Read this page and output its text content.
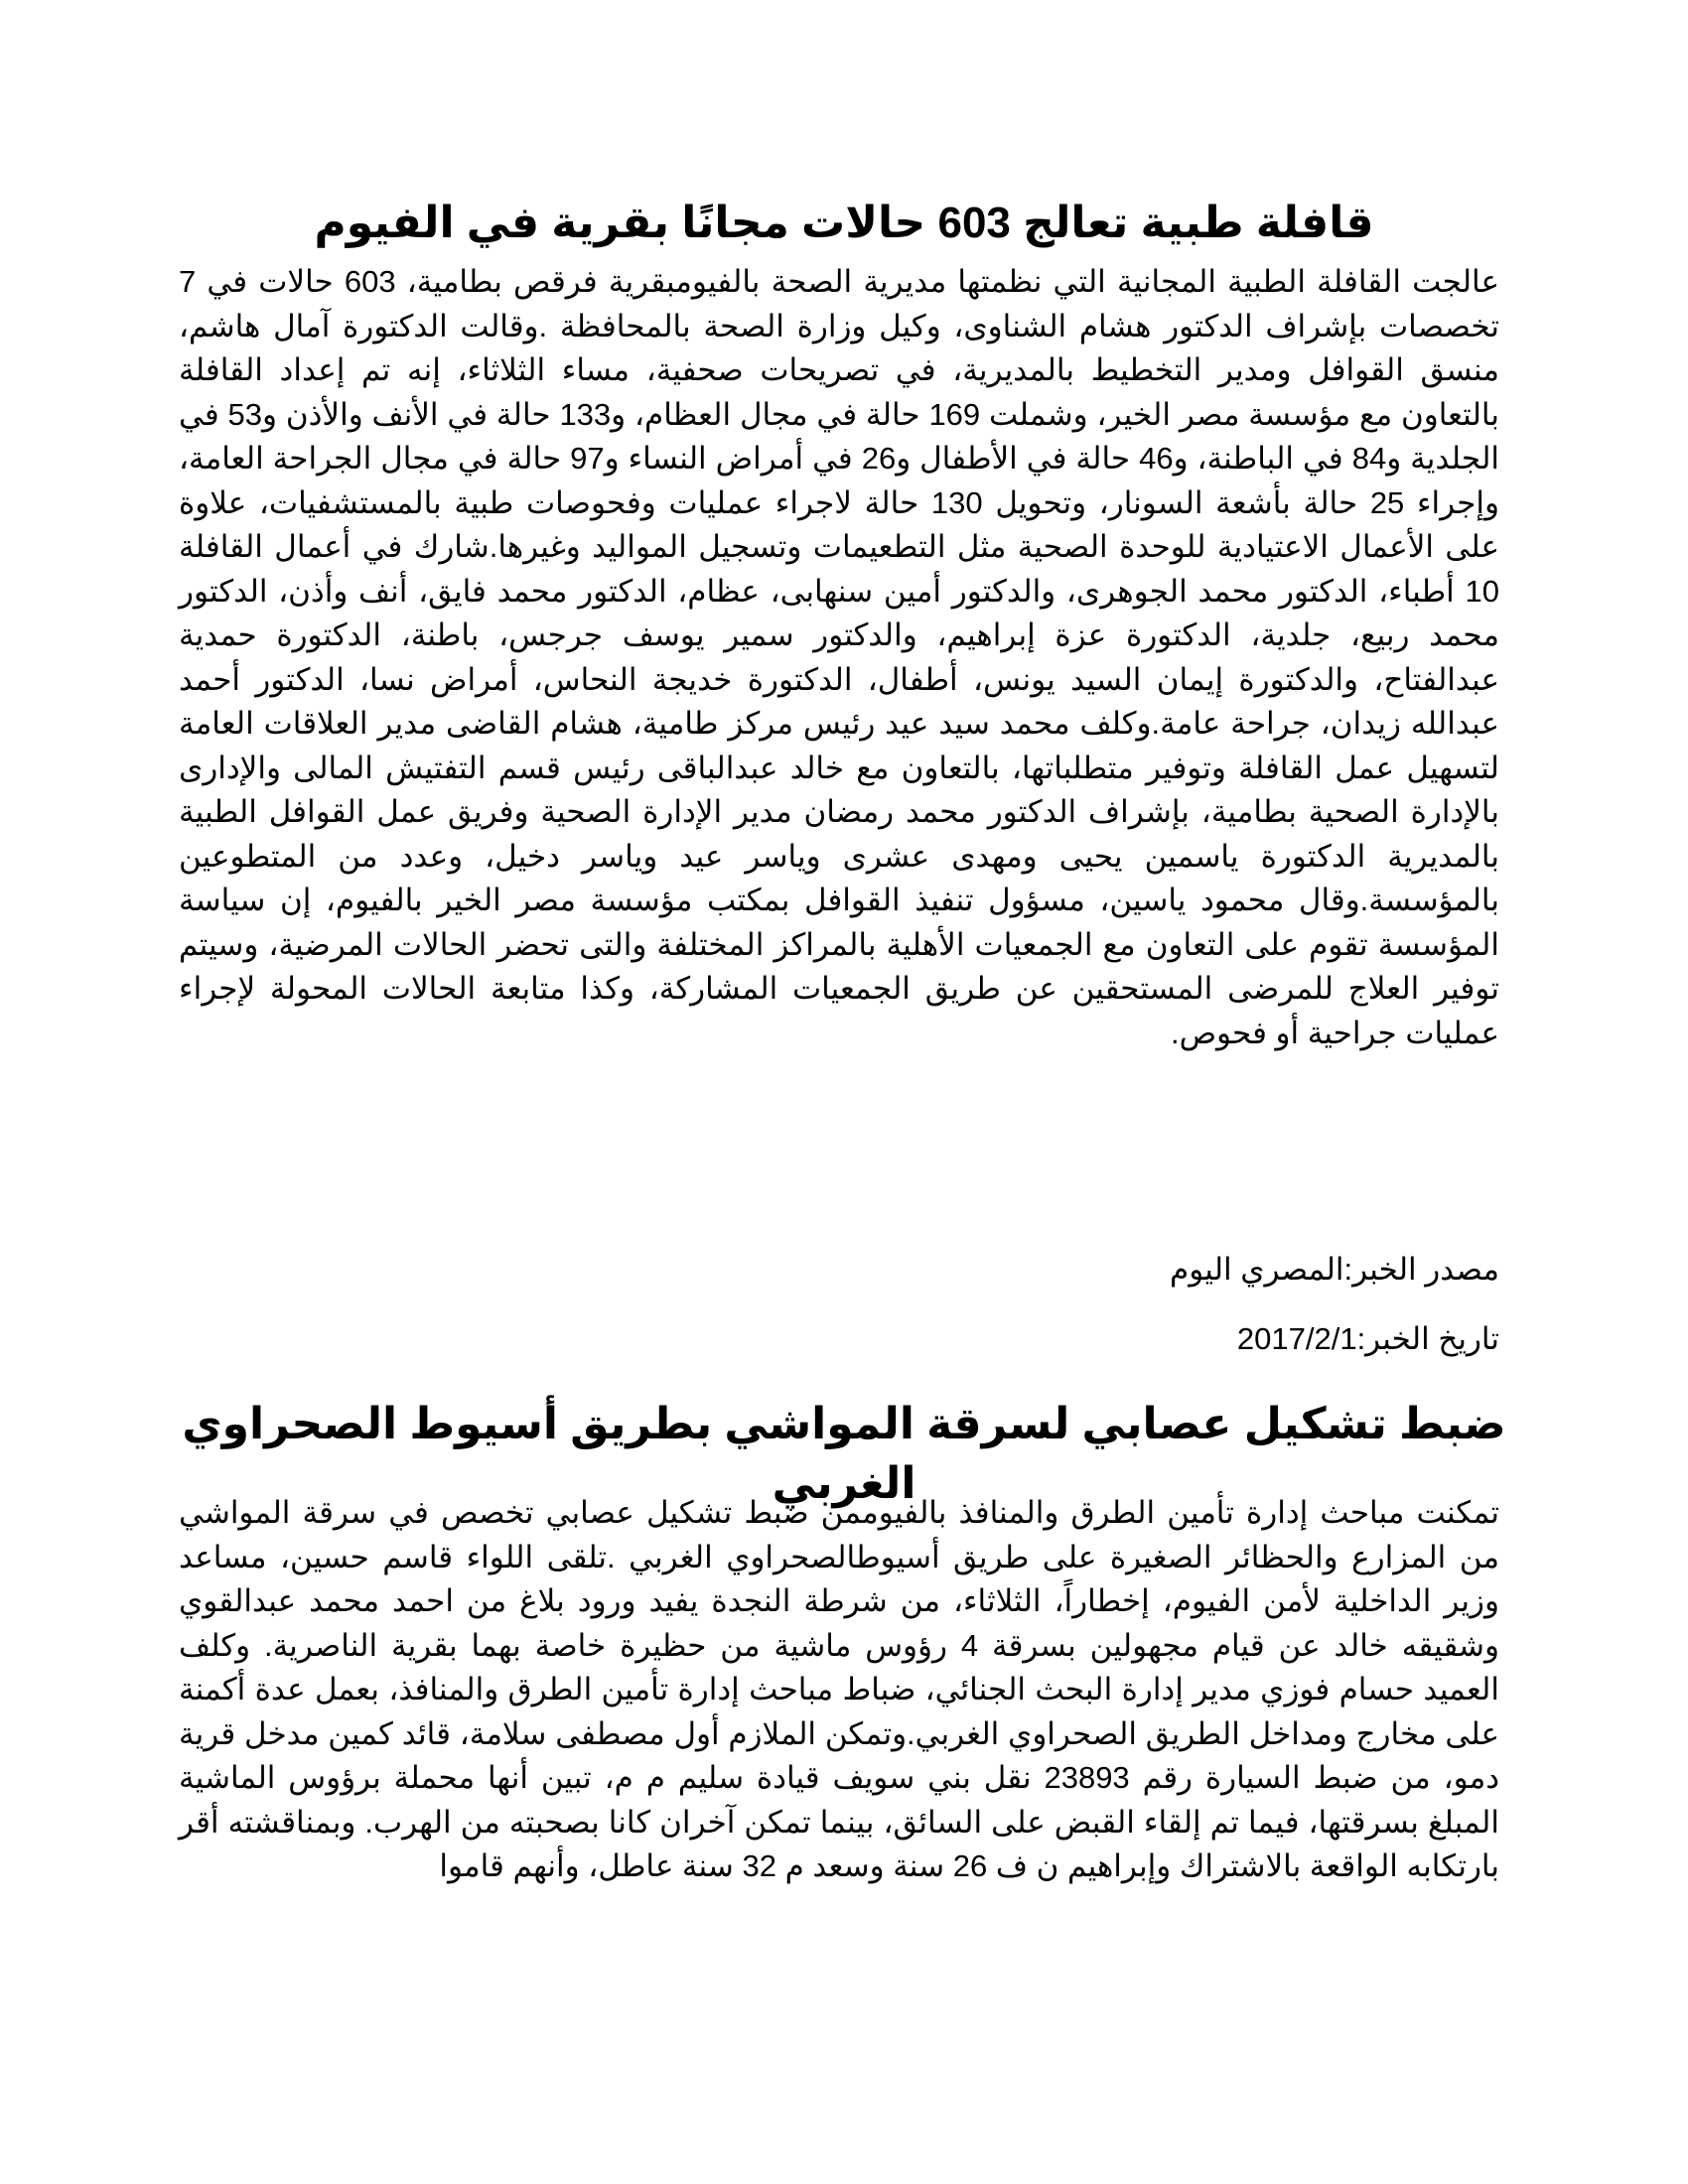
قافلة طبية تعالج 603 حالات مجانًا بقرية في الفيوم

عالجت القافلة الطبية المجانية التي نظمتها مديرية الصحة بالفيومبقرية فرقص بطامية، 603 حالات في 7 تخصصات بإشراف الدكتور هشام الشناوى، وكيل وزارة الصحة بالمحافظة .وقالت الدكتورة آمال هاشم، منسق القوافل ومدير التخطيط بالمديرية، في تصريحات صحفية، مساء الثلاثاء، إنه تم إعداد القافلة بالتعاون مع مؤسسة مصر الخير، وشملت 169 حالة في مجال العظام، و133 حالة في الأنف والأذن و53 في الجلدية و84 في الباطنة، و46 حالة في الأطفال و26 في أمراض النساء و97 حالة في مجال الجراحة العامة، وإجراء 25 حالة بأشعة السونار، وتحويل 130 حالة لاجراء عمليات وفحوصات طبية بالمستشفيات، علاوة على الأعمال الاعتيادية للوحدة الصحية مثل التطعيمات وتسجيل المواليد وغيرها.شارك في أعمال القافلة 10 أطباء، الدكتور محمد الجوهرى، والدكتور أمين سنهابى، عظام، الدكتور محمد فايق، أنف وأذن، الدكتور محمد ربيع، جلدية، الدكتورة عزة إبراهيم، والدكتور سمير يوسف جرجس، باطنة، الدكتورة حمدية عبدالفتاح، والدكتورة إيمان السيد يونس، أطفال، الدكتورة خديجة النحاس، أمراض نسا، الدكتور أحمد عبدالله زيدان، جراحة عامة.وكلف محمد سيد عيد رئيس مركز طامية، هشام القاضى مدير العلاقات العامة لتسهيل عمل القافلة وتوفير متطلباتها، بالتعاون مع خالد عبدالباقى رئيس قسم التفتيش المالى والإدارى بالإدارة الصحية بطامية، بإشراف الدكتور محمد رمضان مدير الإدارة الصحية وفريق عمل القوافل الطبية بالمديرية الدكتورة ياسمين يحيى ومهدى عشرى وياسر عيد وياسر دخيل، وعدد من المتطوعين بالمؤسسة.وقال محمود ياسين، مسؤول تنفيذ القوافل بمكتب مؤسسة مصر الخير بالفيوم، إن سياسة المؤسسة تقوم على التعاون مع الجمعيات الأهلية بالمراكز المختلفة والتى تحضر الحالات المرضية، وسيتم توفير العلاج للمرضى المستحقين عن طريق الجمعيات المشاركة، وكذا متابعة الحالات المحولة لإجراء عمليات جراحية أو فحوص.

مصدر الخبر:المصري اليوم

تاريخ الخبر:2017/2/1

ضبط تشكيل عصابي لسرقة المواشي بطريق أسيوط الصحراوي الغربي

تمكنت مباحث إدارة تأمين الطرق والمنافذ بالفيوممن ضبط تشكيل عصابي تخصص في سرقة المواشي من المزارع والحظائر الصغيرة على طريق أسيوطالصحراوي الغربي .تلقى اللواء قاسم حسين، مساعد وزير الداخلية لأمن الفيوم، إخطاراً، الثلاثاء، من شرطة النجدة يفيد ورود بلاغ من احمد محمد عبدالقوي وشقيقه خالد عن قيام مجهولين بسرقة 4 رؤوس ماشية من حظيرة خاصة بهما بقرية الناصرية. وكلف العميد حسام فوزي مدير إدارة البحث الجنائي، ضباط مباحث إدارة تأمين الطرق والمنافذ، بعمل عدة أكمنة على مخارج ومداخل الطريق الصحراوي الغربي.وتمكن الملازم أول مصطفى سلامة، قائد كمين مدخل قرية دمو، من ضبط السيارة رقم 23893 نقل بني سويف قيادة سليم م م، تبين أنها محملة برؤوس الماشية المبلغ بسرقتها، فيما تم إلقاء القبض على السائق، بينما تمكن آخران كانا بصحبته من الهرب. وبمناقشته أقر بارتكابه الواقعة بالاشتراك وإبراهيم ن ف 26 سنة وسعد م 32 سنة عاطل، وأنهم قاموا
